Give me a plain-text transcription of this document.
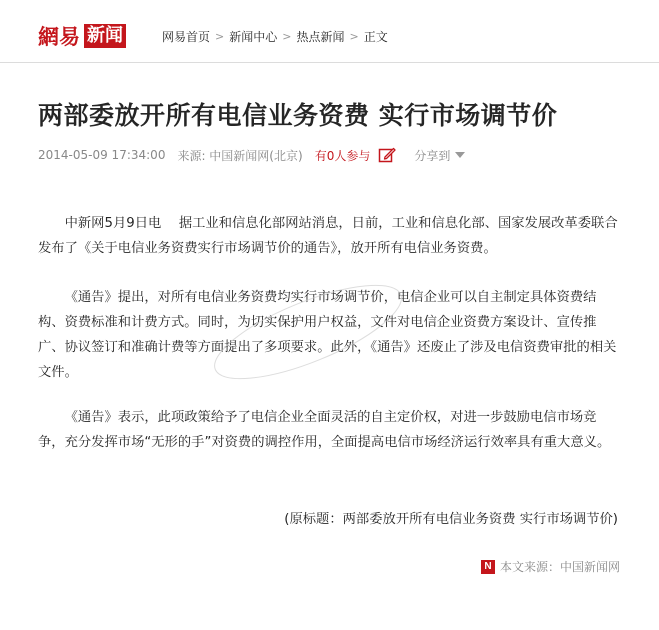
網易 新闻	网易首页 > 新闻中心 > 热点新闻 > 正文
两部委放开所有电信业务资费 实行市场调节价
2014-05-09 17:34:00 来源: 中国新闻网(北京) 有0人参与	分享到

中新网5月9日电　 据工业和信息化部网站消息，日前，工业和信息化部、国家发展改革委联合发布了《关于电信业务资费实行市场调节价的通告》，放开所有电信业务资费。

《通告》提出，对所有电信业务资费均实行市场调节价，电信企业可以自主制定具体资费结构、资费标准和计费方式。同时，为切实保护用户权益，文件对电信企业资费方案设计、宣传推广、协议签订和准确计费等方面提出了多项要求。此外，《通告》还废止了涉及电信资费审批的相关文件。

《通告》表示，此项政策给予了电信企业全面灵活的自主定价权，对进一步鼓励电信市场竞争，充分发挥市场“无形的手”对资费的调控作用，全面提高电信市场经济运行效率具有重大意义。

(原标题：两部委放开所有电信业务资费 实行市场调节价)

N 本文来源：中国新闻网
